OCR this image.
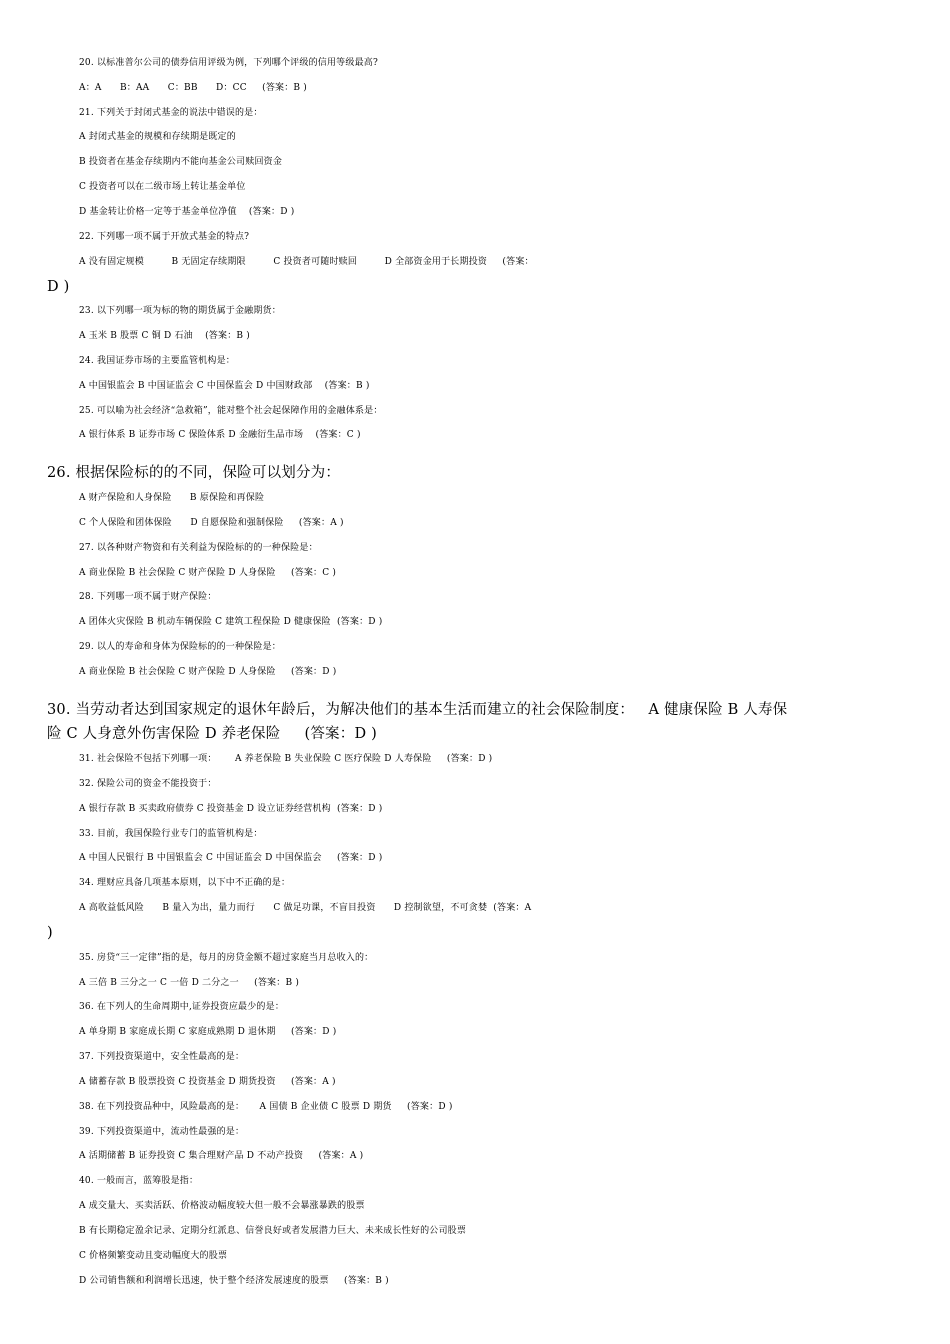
20. 以标准普尔公司的债券信用评级为例，下列哪个评级的信用等级最高?
A：A      B：AA      C：BB      D：CC     (答案：B )
21. 下列关于封闭式基金的说法中错误的是：
A 封闭式基金的规模和存续期是既定的
B 投资者在基金存续期内不能向基金公司赎回资金
C 投资者可以在二级市场上转让基金单位
D 基金转让价格一定等于基金单位净值    (答案：D )
22. 下列哪一项不属于开放式基金的特点?
A 没有固定规模         B 无固定存续期限         C 投资者可随时赎回         D 全部资金用于长期投资     (答案：
D )
23. 以下列哪一项为标的物的期货属于金融期货：
A 玉米 B 股票 C 铜 D 石油    (答案：B )
24. 我国证券市场的主要监管机构是：
A 中国银监会 B 中国证监会 C 中国保监会 D 中国财政部    (答案：B )
25. 可以喻为社会经济“急救箱”，能对整个社会起保障作用的金融体系是：
A 银行体系 B 证券市场 C 保险体系 D 金融衍生品市场    (答案：C )
26. 根据保险标的的不同，保险可以划分为：
A 财产保险和人身保险      B 原保险和再保险
C 个人保险和团体保险      D 自愿保险和强制保险     (答案：A )
27. 以各种财产物资和有关利益为保险标的的一种保险是：
A 商业保险 B 社会保险 C 财产保险 D 人身保险     (答案：C )
28. 下列哪一项不属于财产保险：
A 团体火灾保险 B 机动车辆保险 C 建筑工程保险 D 健康保险  (答案：D )
29. 以人的寿命和身体为保险标的的一种保险是：
A 商业保险 B 社会保险 C 财产保险 D 人身保险     (答案：D )
30. 当劳动者达到国家规定的退休年龄后，为解决他们的基本生活而建立的社会保险制度：   A 健康保险 B 人寿保
险 C 人身意外伤害保险 D 养老保险     (答案：D )
31. 社会保险不包括下列哪一项：      A 养老保险 B 失业保险 C 医疗保险 D 人寿保险     (答案：D )
32. 保险公司的资金不能投资于：
A 银行存款 B 买卖政府债券 C 投资基金 D 设立证券经营机构  (答案：D )
33. 目前，我国保险行业专门的监管机构是：
A 中国人民银行 B 中国银监会 C 中国证监会 D 中国保监会     (答案：D )
34. 理财应具备几项基本原则，以下中不正确的是：
A 高收益低风险      B 量入为出，量力而行      C 做足功课，不盲目投资      D 控制欲望，不可贪婪  (答案：A
)
35. 房贷“三一定律”指的是，每月的房贷金额不超过家庭当月总收入的：
A 三倍 B 三分之一 C 一倍 D 二分之一     (答案：B )
36. 在下列人的生命周期中,证券投资应最少的是：
A 单身期 B 家庭成长期 C 家庭成熟期 D 退休期     (答案：D )
37. 下列投资渠道中，安全性最高的是：
A 储蓄存款 B 股票投资 C 投资基金 D 期货投资     (答案：A )
38. 在下列投资品种中，风险最高的是：     A 国债 B 企业债 C 股票 D 期货     (答案：D )
39. 下列投资渠道中，流动性最强的是：
A 活期储蓄 B 证券投资 C 集合理财产品 D 不动产投资     (答案：A )
40. 一般而言，蓝筹股是指：
A 成交量大、买卖活跃、价格波动幅度较大但一般不会暴涨暴跌的股票
B 有长期稳定盈余记录、定期分红派息、信誉良好或者发展潜力巨大、未来成长性好的公司股票
C 价格频繁变动且变动幅度大的股票
D 公司销售额和利润增长迅速，快于整个经济发展速度的股票     (答案：B )
